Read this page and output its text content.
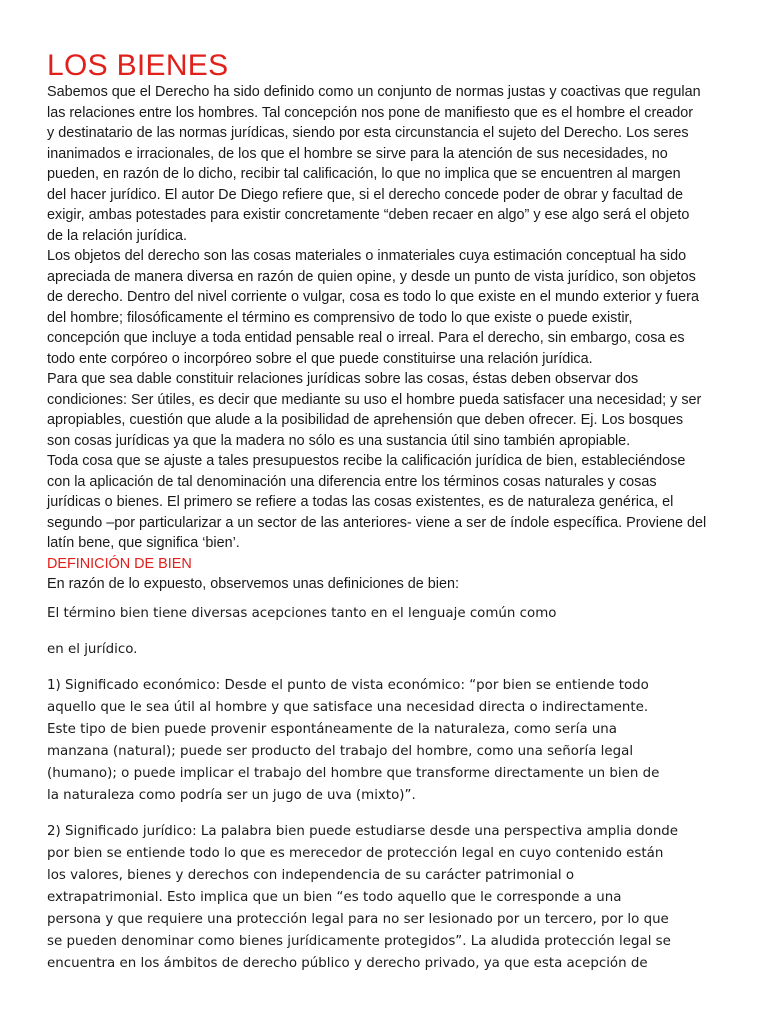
LOS BIENES

Sabemos que el Derecho ha sido definido como un conjunto de normas justas y coactivas que regulan
las relaciones entre los hombres. Tal concepción nos pone de manifiesto que es el hombre el creador
y destinatario de las normas jurídicas, siendo por esta circunstancia el sujeto del Derecho. Los seres
inanimados e irracionales, de los que el hombre se sirve para la atención de sus necesidades, no
pueden, en razón de lo dicho, recibir tal calificación, lo que no implica que se encuentren al margen
del hacer jurídico. El autor De Diego refiere que, si el derecho concede poder de obrar y facultad de
exigir, ambas potestades para existir concretamente “deben recaer en algo” y ese algo será el objeto
de la relación jurídica.

Los objetos del derecho son las cosas materiales o inmateriales cuya estimación conceptual ha sido
apreciada de manera diversa en razón de quien opine, y desde un punto de vista jurídico, son objetos
de derecho. Dentro del nivel corriente o vulgar, cosa es todo lo que existe en el mundo exterior y fuera
del hombre; filosóficamente el término es comprensivo de todo lo que existe o puede existir,
concepción que incluye a toda entidad pensable real o irreal. Para el derecho, sin embargo, cosa es
todo ente corpóreo o incorpóreo sobre el que puede constituirse una relación jurídica.

Para que sea dable constituir relaciones jurídicas sobre las cosas, éstas deben observar dos
condiciones: Ser útiles, es decir que mediante su uso el hombre pueda satisfacer una necesidad; y ser
apropiables, cuestión que alude a la posibilidad de aprehensión que deben ofrecer. Ej. Los bosques
son cosas jurídicas ya que la madera no sólo es una sustancia útil sino también apropiable.

Toda cosa que se ajuste a tales presupuestos recibe la calificación jurídica de bien, estableciéndose
con la aplicación de tal denominación una diferencia entre los términos cosas naturales y cosas
jurídicas o bienes. El primero se refiere a todas las cosas existentes, es de naturaleza genérica, el
segundo –por particularizar a un sector de las anteriores- viene a ser de índole específica. Proviene del
latín bene, que significa ‘bien’.

DEFINICIÓN DE BIEN

En razón de lo expuesto, observemos unas definiciones de bien:

El término bien tiene diversas acepciones tanto en el lenguaje común como
en el jurídico.
1) Significado económico: Desde el punto de vista económico: “por bien se entiende todo
aquello que le sea útil al hombre y que satisface una necesidad directa o indirectamente.
Este tipo de bien puede provenir espontáneamente de la naturaleza, como sería una
manzana (natural); puede ser producto del trabajo del hombre, como una señoría legal
(humano); o puede implicar el trabajo del hombre que transforme directamente un bien de
la naturaleza como podría ser un jugo de uva (mixto)”.
2) Significado jurídico: La palabra bien puede estudiarse desde una perspectiva amplia donde
por bien se entiende todo lo que es merecedor de protección legal en cuyo contenido están
los valores, bienes y derechos con independencia de su carácter patrimonial o
extrapatrimonial. Esto implica que un bien “es todo aquello que le corresponde a una
persona y que requiere una protección legal para no ser lesionado por un tercero, por lo que
se pueden denominar como bienes jurídicamente protegidos”. La aludida protección legal se
encuentra en los ámbitos de derecho público y derecho privado, ya que esta acepción de
